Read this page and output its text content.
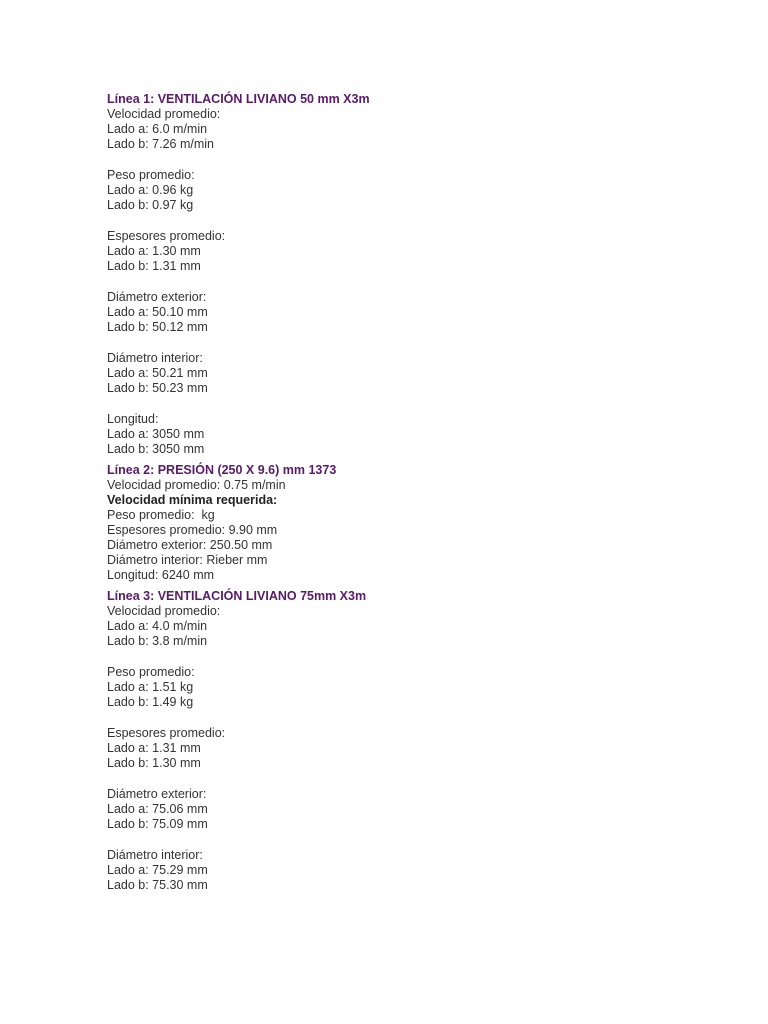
Línea 1: VENTILACIÓN LIVIANO 50 mm X3m
Velocidad promedio:
Lado a: 6.0 m/min
Lado b: 7.26 m/min
Peso promedio:
Lado a: 0.96 kg
Lado b: 0.97 kg
Espesores promedio:
Lado a: 1.30 mm
Lado b: 1.31 mm
Diámetro exterior:
Lado a: 50.10 mm
Lado b: 50.12 mm
Diámetro interior:
Lado a: 50.21 mm
Lado b: 50.23 mm
Longitud:
Lado a: 3050 mm
Lado b: 3050 mm
Línea 2: PRESIÓN (250 X 9.6) mm 1373
Velocidad promedio: 0.75 m/min
Velocidad mínima requerida:
Peso promedio:  kg
Espesores promedio: 9.90 mm
Diámetro exterior: 250.50 mm
Diámetro interior: Rieber mm
Longitud: 6240 mm
Línea 3: VENTILACIÓN LIVIANO 75mm X3m
Velocidad promedio:
Lado a: 4.0 m/min
Lado b: 3.8 m/min
Peso promedio:
Lado a: 1.51 kg
Lado b: 1.49 kg
Espesores promedio:
Lado a: 1.31 mm
Lado b: 1.30 mm
Diámetro exterior:
Lado a: 75.06 mm
Lado b: 75.09 mm
Diámetro interior:
Lado a: 75.29 mm
Lado b: 75.30 mm
